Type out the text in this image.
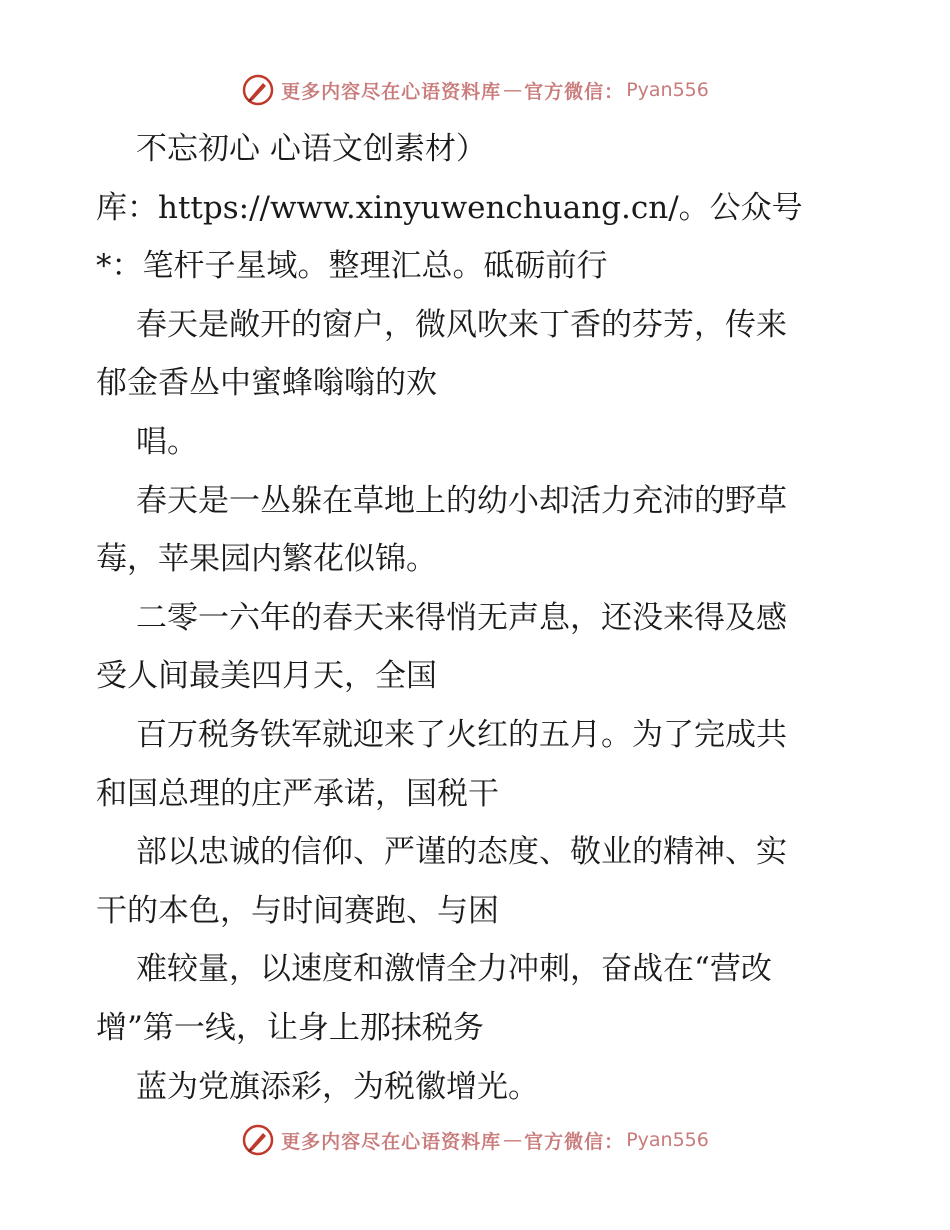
更多内容尽在心语资料库 — 官方微信： Pyan556
不忘初心 心语文创素材）
库：https://www.xinyuwenchuang.cn/。公众号
*：笔杆子星域。整理汇总。砥砺前行
春天是敞开的窗户，微风吹来丁香的芬芳，传来
郁金香丛中蜜蜂嗡嗡的欢
唱。
春天是一丛躲在草地上的幼小却活力充沛的野草
莓，苹果园内繁花似锦。
二零一六年的春天来得悄无声息，还没来得及感
受人间最美四月天，全国
百万税务铁军就迎来了火红的五月。为了完成共
和国总理的庄严承诺，国税干
部以忠诚的信仰、严谨的态度、敬业的精神、实
干的本色，与时间赛跑、与困
难较量，以速度和激情全力冲刺，奋战在“营改
增”第一线，让身上那抹税务
蓝为党旗添彩，为税徽增光。
更多内容尽在心语资料库 — 官方微信： Pyan556
